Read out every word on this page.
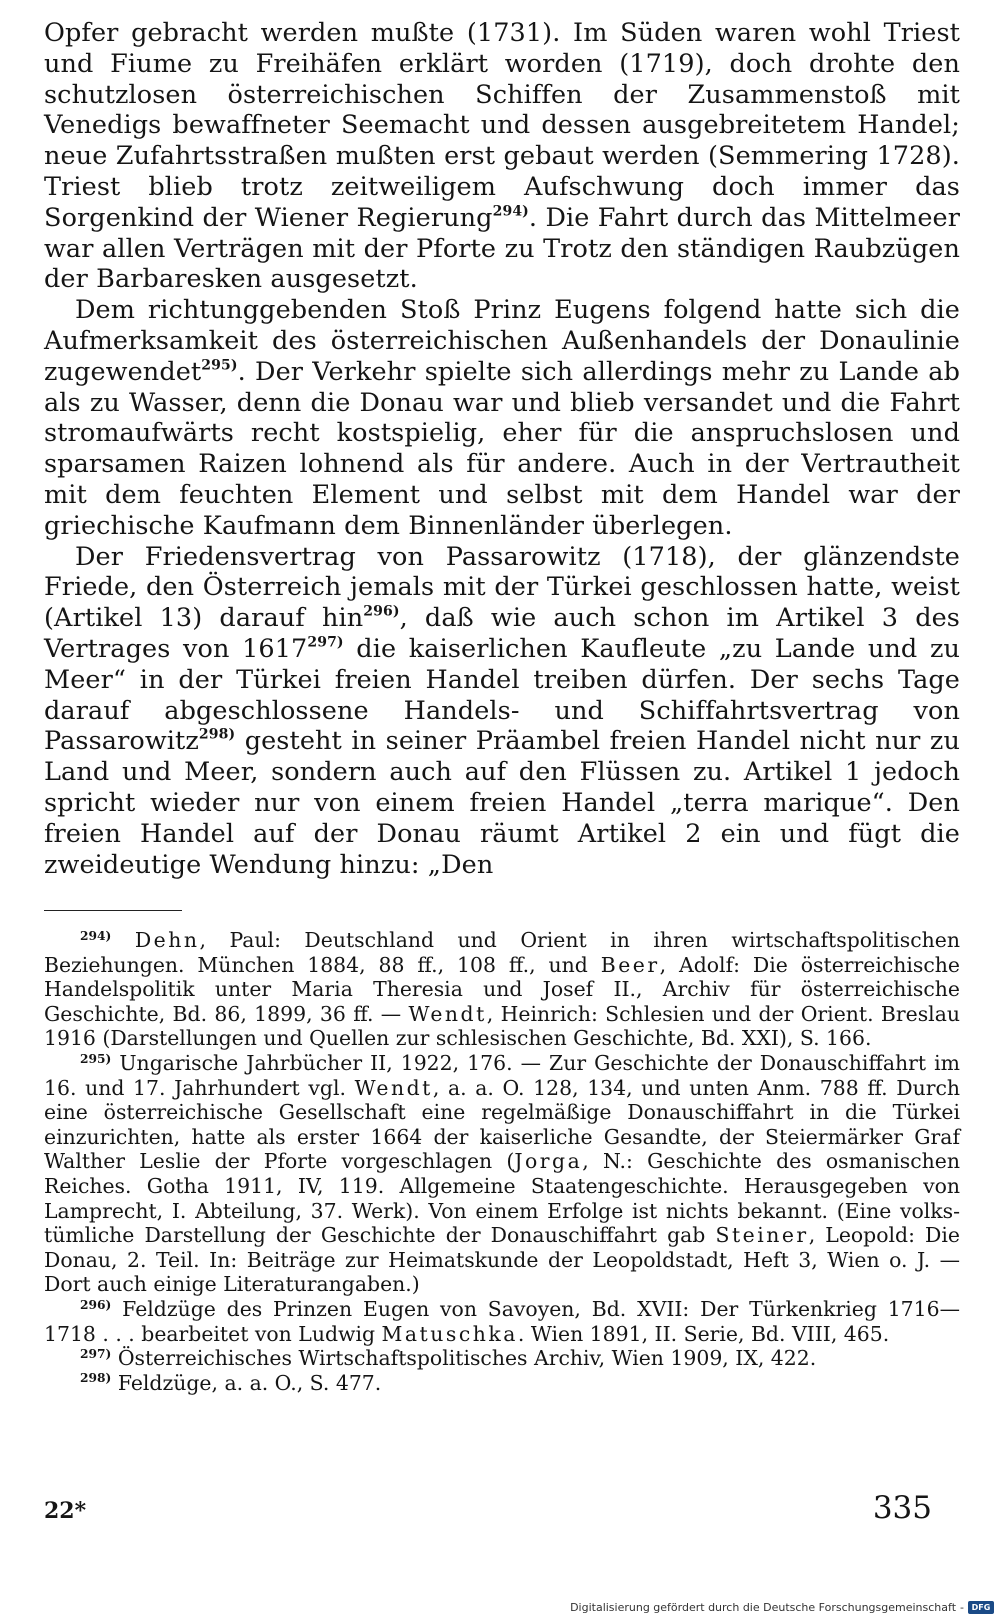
Opfer gebracht werden mußte (1731). Im Süden waren wohl Triest und Fiume zu Freihäfen erklärt worden (1719), doch drohte den schutzlosen österreichischen Schiffen der Zusammenstoß mit Venedigs bewaffneter Seemacht und dessen ausgebreitetem Handel; neue Zufahrtsstraßen mußten erst gebaut werden (Semmering 1728). Triest blieb trotz zeitweiligem Aufschwung doch immer das Sorgenkind der Wiener Regierung$^{294)}$. Die Fahrt durch das Mittelmeer war allen Verträgen mit der Pforte zu Trotz den ständigen Raubzügen der Barbaresken ausgesetzt.

Dem richtunggebenden Stoß Prinz Eugens folgend hatte sich die Aufmerksamkeit des österreichischen Außenhandels der Donaulinie zugewendet$^{295)}$. Der Verkehr spielte sich allerdings mehr zu Lande ab als zu Wasser, denn die Donau war und blieb versandet und die Fahrt stromaufwärts recht kostspielig, eher für die anspruchslosen und sparsamen Raizen lohnend als für andere. Auch in der Vertrautheit mit dem feuchten Element und selbst mit dem Handel war der griechische Kaufmann dem Binnenländer überlegen.

Der Friedensvertrag von Passarowitz (1718), der glänzendste Friede, den Österreich jemals mit der Türkei geschlossen hatte, weist (Artikel 13) darauf hin$^{296)}$, daß wie auch schon im Artikel 3 des Vertrages von 1617$^{297)}$ die kaiserlichen Kaufleute „zu Lande und zu Meer“ in der Türkei freien Handel treiben dürfen. Der sechs Tage darauf abgeschlossene Handels- und Schiffahrtsvertrag von Passarowitz$^{298)}$ gesteht in seiner Präambel freien Handel nicht nur zu Land und Meer, sondern auch auf den Flüssen zu. Artikel 1 jedoch spricht wieder nur von einem freien Handel „terra marique“. Den freien Handel auf der Donau räumt Artikel 2 ein und fügt die zweideutige Wendung hinzu: „Den

$^{294)}$ Dehn, Paul: Deutschland und Orient in ihren wirtschaftspolitischen Beziehungen. München 1884, 88 ff., 108 ff., und Beer, Adolf: Die österreichische Handelspolitik unter Maria Theresia und Josef II., Archiv für österreichische Geschichte, Bd. 86, 1899, 36 ff. — Wendt, Heinrich: Schlesien und der Orient. Breslau 1916 (Darstellungen und Quellen zur schlesischen Geschichte, Bd. XXI), S. 166.

$^{295)}$ Ungarische Jahrbücher II, 1922, 176. — Zur Geschichte der Donauschiffahrt im 16. und 17. Jahrhundert vgl. Wendt, a. a. O. 128, 134, und unten Anm. 788 ff. Durch eine österreichische Gesellschaft eine regelmäßige Donauschiffahrt in die Türkei einzurichten, hatte als erster 1664 der kaiserliche Gesandte, der Steiermärker Graf Walther Leslie der Pforte vorgeschlagen (Jorga, N.: Geschichte des osmanischen Reiches. Gotha 1911, IV, 119. Allgemeine Staatengeschichte. Herausgegeben von Lamprecht, I. Abteilung, 37. Werk). Von einem Erfolge ist nichts bekannt. (Eine volkstümliche Darstellung der Geschichte der Donauschiffahrt gab Steiner, Leopold: Die Donau, 2. Teil. In: Beiträge zur Heimatskunde der Leopoldstadt, Heft 3, Wien o. J. — Dort auch einige Literaturangaben.)

$^{296)}$ Feldzüge des Prinzen Eugen von Savoyen, Bd. XVII: Der Türkenkrieg 1716—1718 . . . bearbeitet von Ludwig Matuschka. Wien 1891, II. Serie, Bd. VIII, 465.

$^{297)}$ Österreichisches Wirtschaftspolitisches Archiv, Wien 1909, IX, 422.

$^{298)}$ Feldzüge, a. a. O., S. 477.

22*	335
Digitalisierung gefördert durch die Deutsche Forschungsgemeinschaft - DFG
